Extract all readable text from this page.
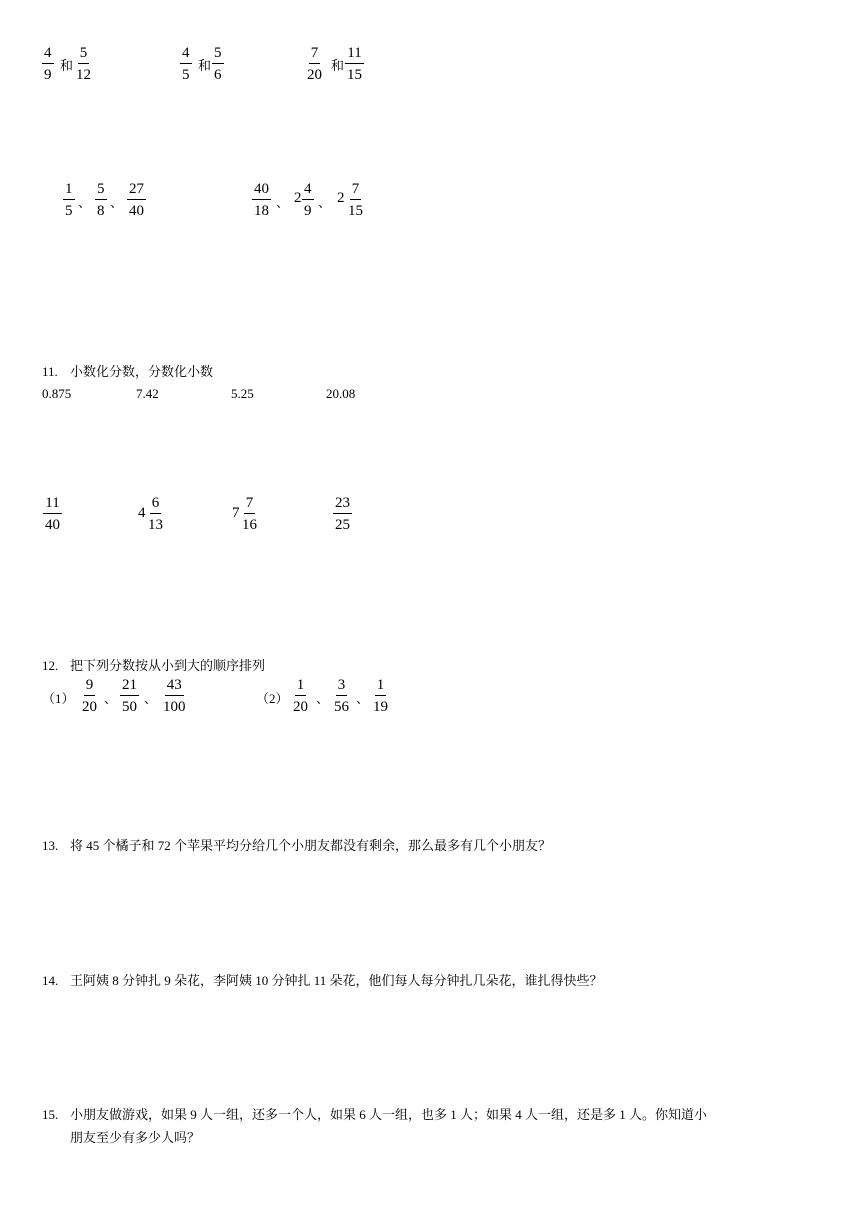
$\frac{4}{9}$ 和 $\frac{5}{12}$	$\frac{4}{5}$ 和 $\frac{5}{6}$	$\frac{7}{20}$ 和 $\frac{11}{15}$
$\frac{1}{5}$ 、 $\frac{5}{8}$ 、 $\frac{27}{40}$	$\frac{40}{18}$ 、 $2 \frac{4}{9}$ 、 $2 \frac{7}{15}$
11. 小数化分数，分数化小数
0.875	7.42	5.25	20.08
$\frac{11}{40}$	$4 \frac{6}{13}$	$7 \frac{7}{16}$	$\frac{23}{25}$
12. 把下列分数按从小到大的顺序排列
$(1) \frac{9}{20}$ 、 $\frac{21}{50}$ 、 $\frac{43}{100}$	$(2) \frac{1}{20}$ 、 $\frac{3}{56}$ 、 $\frac{1}{19}$
13. 将 45 个橘子和 72 个苹果平均分给几个小朋友都没有剩余，那么最多有几个小朋友？
14. 王阿姨 8 分钟扎 9 朵花，李阿姨 10 分钟扎 11 朵花，他们每人每分钟扎几朵花，谁扎得快些？
15. 小朋友做游戏，如果 9 人一组，还多一个人，如果 6 人一组，也多 1 人；如果 4 人一组，还是多 1 人。你知道小
朋友至少有多少人吗？
